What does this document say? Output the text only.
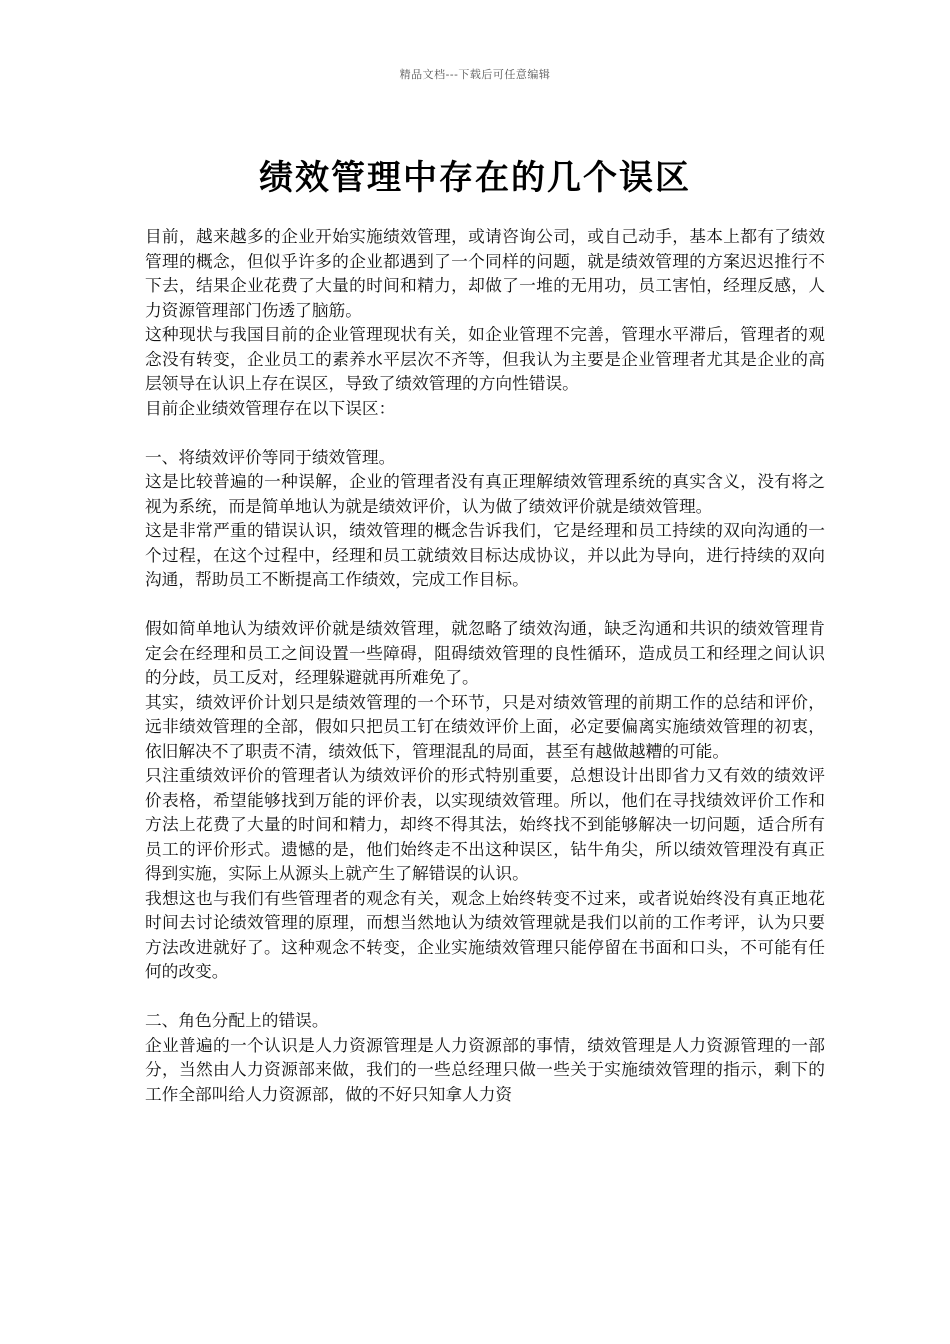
精品文档---下载后可任意编辑
绩效管理中存在的几个误区

目前，越来越多的企业开始实施绩效管理，或请咨询公司，或自己动手，基本上都有了绩效管理的概念，但似乎许多的企业都遇到了一个同样的问题，就是绩效管理的方案迟迟推行不下去，结果企业花费了大量的时间和精力，却做了一堆的无用功，员工害怕，经理反感，人力资源管理部门伤透了脑筋。

这种现状与我国目前的企业管理现状有关，如企业管理不完善，管理水平滞后，管理者的观念没有转变，企业员工的素养水平层次不齐等，但我认为主要是企业管理者尤其是企业的高层领导在认识上存在误区，导致了绩效管理的方向性错误。

目前企业绩效管理存在以下误区：

一、将绩效评价等同于绩效管理。

这是比较普遍的一种误解，企业的管理者没有真正理解绩效管理系统的真实含义，没有将之视为系统，而是简单地认为就是绩效评价，认为做了绩效评价就是绩效管理。

这是非常严重的错误认识，绩效管理的概念告诉我们，它是经理和员工持续的双向沟通的一个过程，在这个过程中，经理和员工就绩效目标达成协议，并以此为导向，进行持续的双向沟通，帮助员工不断提高工作绩效，完成工作目标。

假如简单地认为绩效评价就是绩效管理，就忽略了绩效沟通，缺乏沟通和共识的绩效管理肯定会在经理和员工之间设置一些障碍，阻碍绩效管理的良性循环，造成员工和经理之间认识的分歧，员工反对，经理躲避就再所难免了。

其实，绩效评价计划只是绩效管理的一个环节，只是对绩效管理的前期工作的总结和评价，远非绩效管理的全部，假如只把员工钉在绩效评价上面，必定要偏离实施绩效管理的初衷，依旧解决不了职责不清，绩效低下，管理混乱的局面，甚至有越做越糟的可能。

只注重绩效评价的管理者认为绩效评价的形式特别重要，总想设计出即省力又有效的绩效评价表格，希望能够找到万能的评价表，以实现绩效管理。所以，他们在寻找绩效评价工作和方法上花费了大量的时间和精力，却终不得其法，始终找不到能够解决一切问题，适合所有员工的评价形式。遗憾的是，他们始终走不出这种误区，钻牛角尖，所以绩效管理没有真正得到实施，实际上从源头上就产生了解错误的认识。

我想这也与我们有些管理者的观念有关，观念上始终转变不过来，或者说始终没有真正地花时间去讨论绩效管理的原理，而想当然地认为绩效管理就是我们以前的工作考评，认为只要方法改进就好了。这种观念不转变，企业实施绩效管理只能停留在书面和口头，不可能有任何的改变。

二、角色分配上的错误。

企业普遍的一个认识是人力资源管理是人力资源部的事情，绩效管理是人力资源管理的一部分，当然由人力资源部来做，我们的一些总经理只做一些关于实施绩效管理的指示，剩下的工作全部叫给人力资源部，做的不好只知拿人力资
